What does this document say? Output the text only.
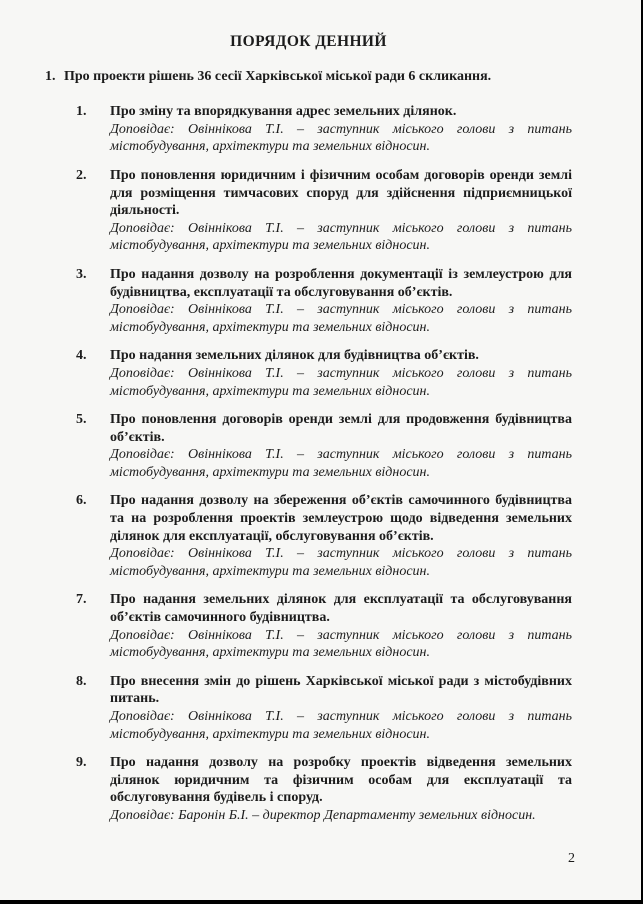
ПОРЯДОК ДЕННИЙ
1. Про проекти рішень 36 сесії Харківської міської ради 6 скликання.
1.	Про зміну та впорядкування адрес земельних ділянок.
Доповідає: Овіннікова Т.І. – заступник міського голови з питань містобудування, архітектури та земельних відносин.
2.	Про поновлення юридичним і фізичним особам договорів оренди землі для розміщення тимчасових споруд для здійснення підприємницької діяльності.
Доповідає: Овіннікова Т.І. – заступник міського голови з питань містобудування, архітектури та земельних відносин.
3.	Про надання дозволу на розроблення документації із землеустрою для будівництва, експлуатації та обслуговування об’єктів.
Доповідає: Овіннікова Т.І. – заступник міського голови з питань містобудування, архітектури та земельних відносин.
4.	Про надання земельних ділянок для будівництва об’єктів.
Доповідає: Овіннікова Т.І. – заступник міського голови з питань містобудування, архітектури та земельних відносин.
5.	Про поновлення договорів оренди землі для продовження будівництва об’єктів.
Доповідає: Овіннікова Т.І. – заступник міського голови з питань містобудування, архітектури та земельних відносин.
6.	Про надання дозволу на збереження об’єктів самочинного будівництва та на розроблення проектів землеустрою щодо відведення земельних ділянок для експлуатації, обслуговування об’єктів.
Доповідає: Овіннікова Т.І. – заступник міського голови з питань містобудування, архітектури та земельних відносин.
7.	Про надання земельних ділянок для експлуатації та обслуговування об’єктів самочинного будівництва.
Доповідає: Овіннікова Т.І. – заступник міського голови з питань містобудування, архітектури та земельних відносин.
8.	Про внесення змін до рішень Харківської міської ради з містобудівних питань.
Доповідає: Овіннікова Т.І. – заступник міського голови з питань містобудування, архітектури та земельних відносин.
9.	Про надання дозволу на розробку проектів відведення земельних ділянок юридичним та фізичним особам для експлуатації та обслуговування будівель і споруд.
Доповідає: Баронін Б.І. – директор Департаменту земельних відносин.
2
